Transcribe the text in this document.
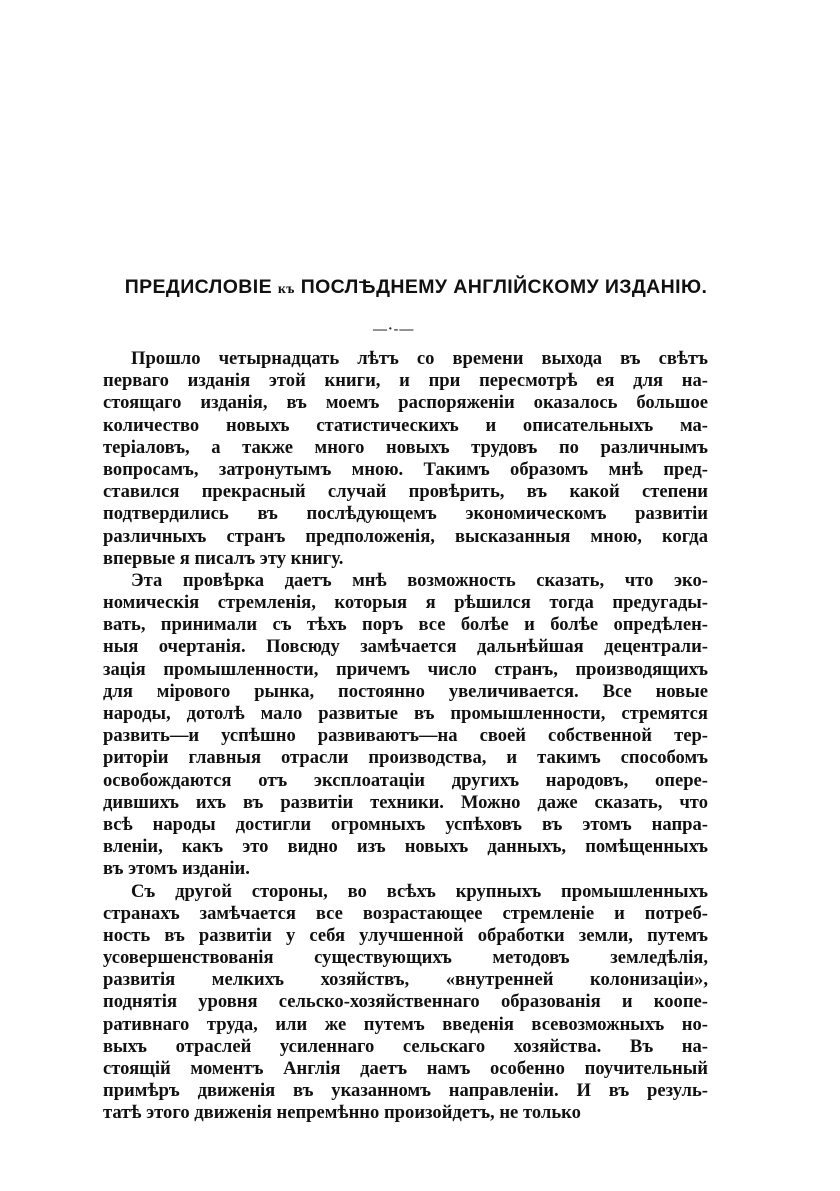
ПРЕДИСЛОВІЕ къ ПОСЛѢДНЕМУ АНГЛІЙСКОМУ ИЗДАНІЮ.
—·-—
Прошло четырнадцать лѣтъ со времени выхода въ свѣтъ
перваго изданія этой книги, и при пересмотрѣ ея для на-
стоящаго изданія, въ моемъ распоряженіи оказалось большое
количество новыхъ статистическихъ и описательныхъ ма-
теріаловъ, а также много новыхъ трудовъ по различнымъ
вопросамъ, затронутымъ мною. Такимъ образомъ мнѣ пред-
ставился прекрасный случай провѣрить, въ какой степени
подтвердились въ послѣдующемъ экономическомъ развитіи
различныхъ странъ предположенія, высказанныя мною, когда
впервые я писалъ эту книгу.
Эта провѣрка даетъ мнѣ возможность сказать, что эко-
номическія стремленія, которыя я рѣшился тогда предугады-
вать, принимали съ тѣхъ поръ все болѣе и болѣе опредѣлен-
ныя очертанія. Повсюду замѣчается дальнѣйшая децентрали-
зація промышленности, причемъ число странъ, производящихъ
для мірового рынка, постоянно увеличивается. Все новые
народы, дотолѣ мало развитые въ промышленности, стремятся
развить—и успѣшно развиваютъ—на своей собственной тер-
риторіи главныя отрасли производства, и такимъ способомъ
освобождаются отъ эксплоатаціи другихъ народовъ, опере-
дившихъ ихъ въ развитіи техники. Можно даже сказать, что
всѣ народы достигли огромныхъ успѣховъ въ этомъ напра-
вленіи, какъ это видно изъ новыхъ данныхъ, помѣщенныхъ
въ этомъ изданіи.
Съ другой стороны, во всѣхъ крупныхъ промышленныхъ
странахъ замѣчается все возрастающее стремленіе и потреб-
ность въ развитіи у себя улучшенной обработки земли, путемъ
усовершенствованія существующихъ методовъ земледѣлія,
развитія мелкихъ хозяйствъ, «внутренней колонизаціи»,
поднятія уровня сельско-хозяйственнаго образованія и коопе-
ративнаго труда, или же путемъ введенія всевозможныхъ но-
выхъ отраслей усиленнаго сельскаго хозяйства. Въ на-
стоящій моментъ Англія даетъ намъ особенно поучительный
примѣръ движенія въ указанномъ направленіи. И въ резуль-
татѣ этого движенія непремѣнно произойдетъ, не только
